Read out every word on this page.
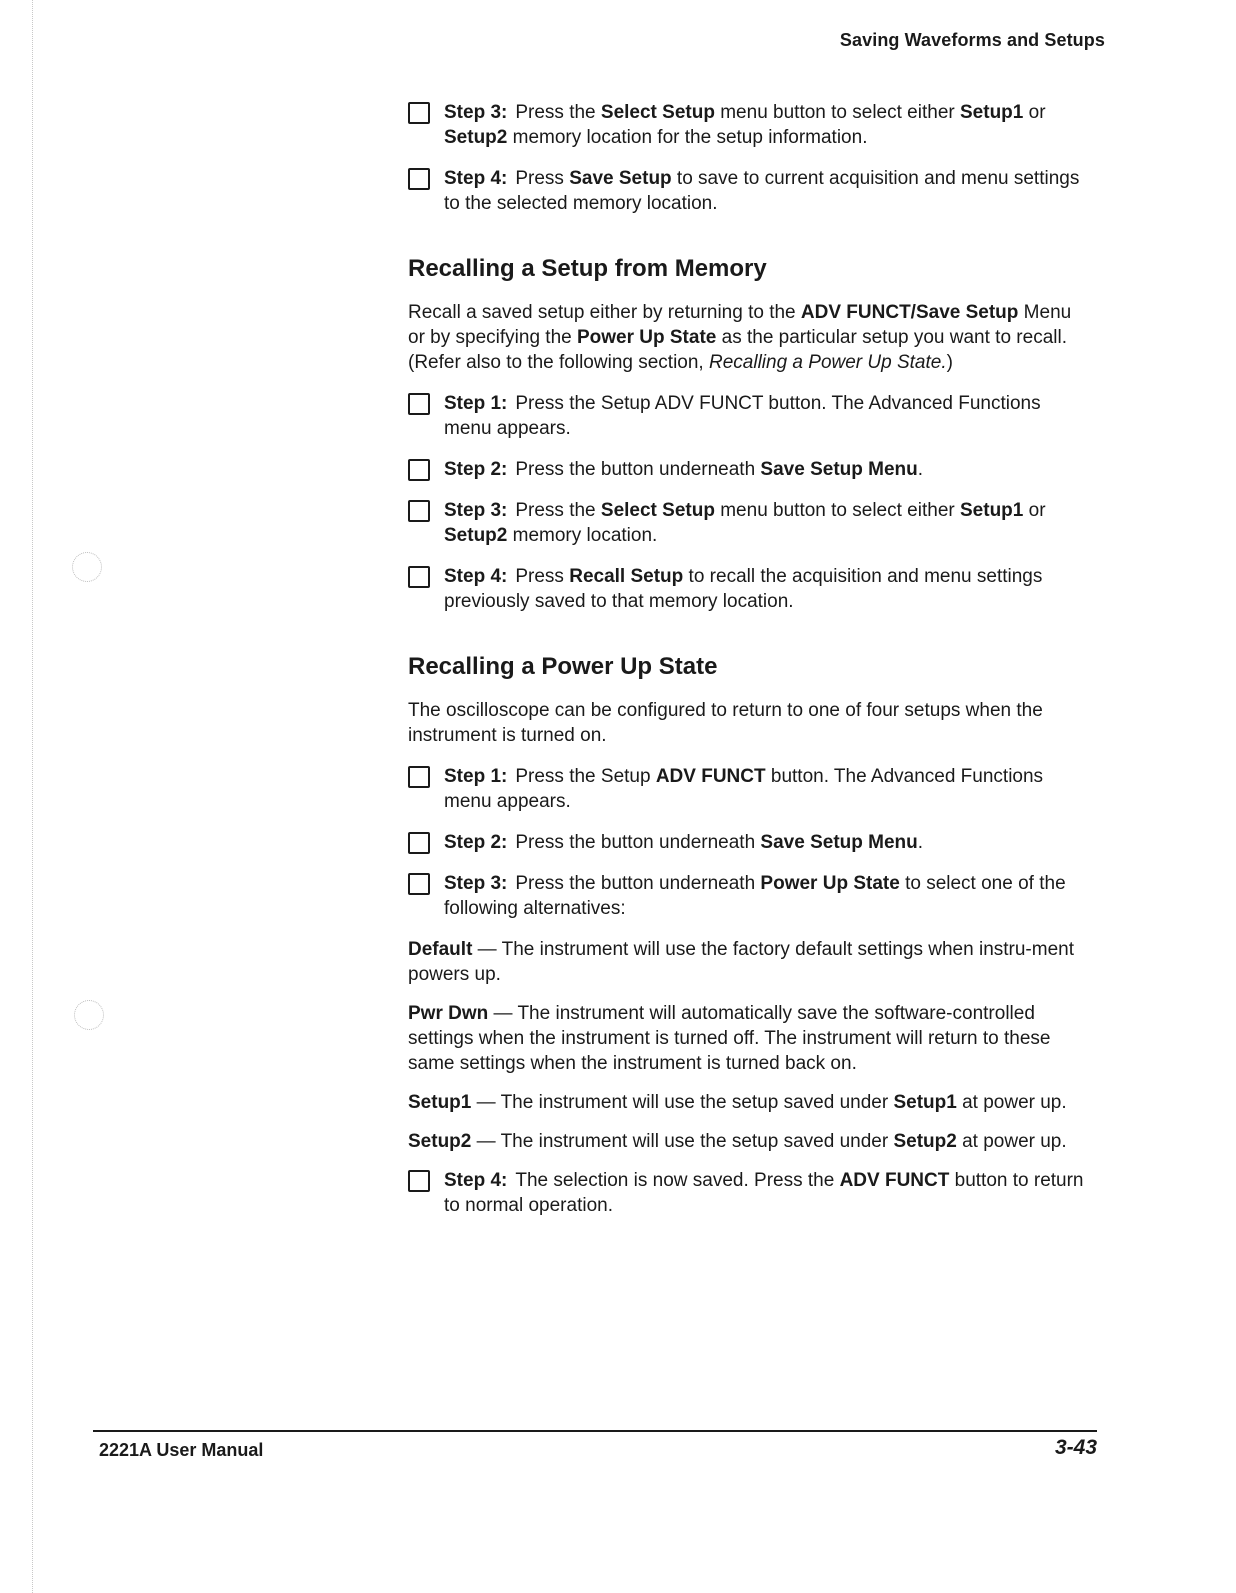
Saving Waveforms and Setups
Step 3: Press the Select Setup menu button to select either Setup1 or Setup2 memory location for the setup information.
Step 4: Press Save Setup to save to current acquisition and menu settings to the selected memory location.
Recalling a Setup from Memory
Recall a saved setup either by returning to the ADV FUNCT/Save Setup Menu or by specifying the Power Up State as the particular setup you want to recall. (Refer also to the following section, Recalling a Power Up State.)
Step 1: Press the Setup ADV FUNCT button. The Advanced Functions menu appears.
Step 2: Press the button underneath Save Setup Menu.
Step 3: Press the Select Setup menu button to select either Setup1 or Setup2 memory location.
Step 4: Press Recall Setup to recall the acquisition and menu settings previously saved to that memory location.
Recalling a Power Up State
The oscilloscope can be configured to return to one of four setups when the instrument is turned on.
Step 1: Press the Setup ADV FUNCT button. The Advanced Functions menu appears.
Step 2: Press the button underneath Save Setup Menu.
Step 3: Press the button underneath Power Up State to select one of the following alternatives:
Default — The instrument will use the factory default settings when instru-ment powers up.
Pwr Dwn — The instrument will automatically save the software-controlled settings when the instrument is turned off. The instrument will return to these same settings when the instrument is turned back on.
Setup1 — The instrument will use the setup saved under Setup1 at power up.
Setup2 — The instrument will use the setup saved under Setup2 at power up.
Step 4: The selection is now saved. Press the ADV FUNCT button to return to normal operation.
2221A User Manual	3-43
